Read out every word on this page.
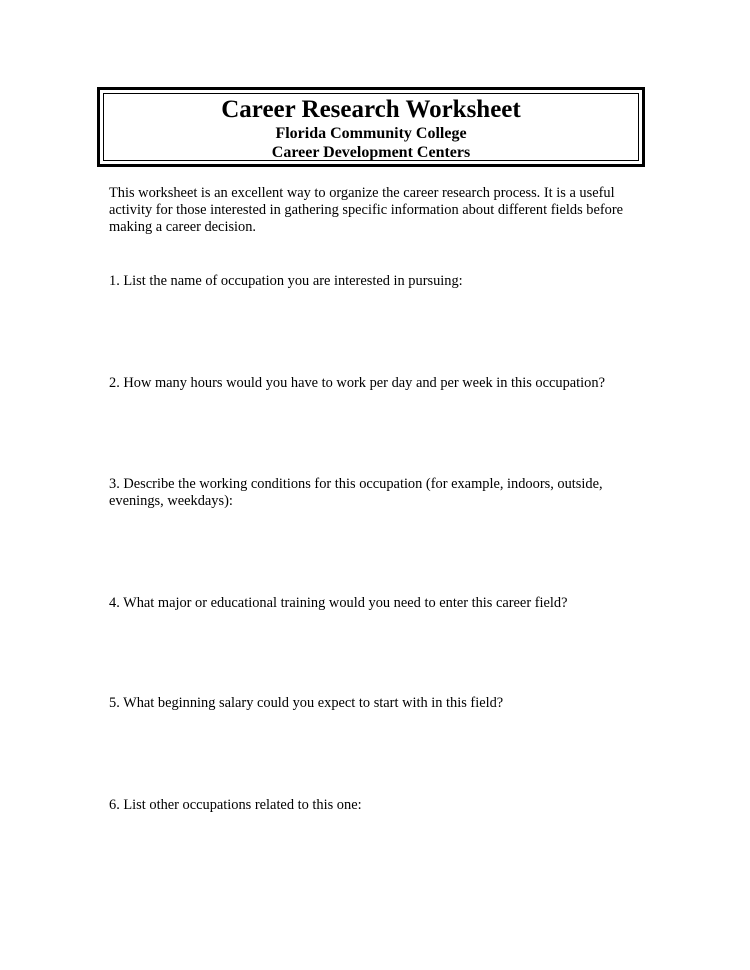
Career Research Worksheet
Florida Community College
Career Development Centers

This worksheet is an excellent way to organize the career research process. It is a useful activity for those interested in gathering specific information about different fields before making a career decision.

1. List the name of occupation you are interested in pursuing:

2. How many hours would you have to work per day and per week in this occupation?

3. Describe the working conditions for this occupation (for example, indoors, outside, evenings, weekdays):

4. What major or educational training would you need to enter this career field?

5. What beginning salary could you expect to start with in this field?

6. List other occupations related to this one:
